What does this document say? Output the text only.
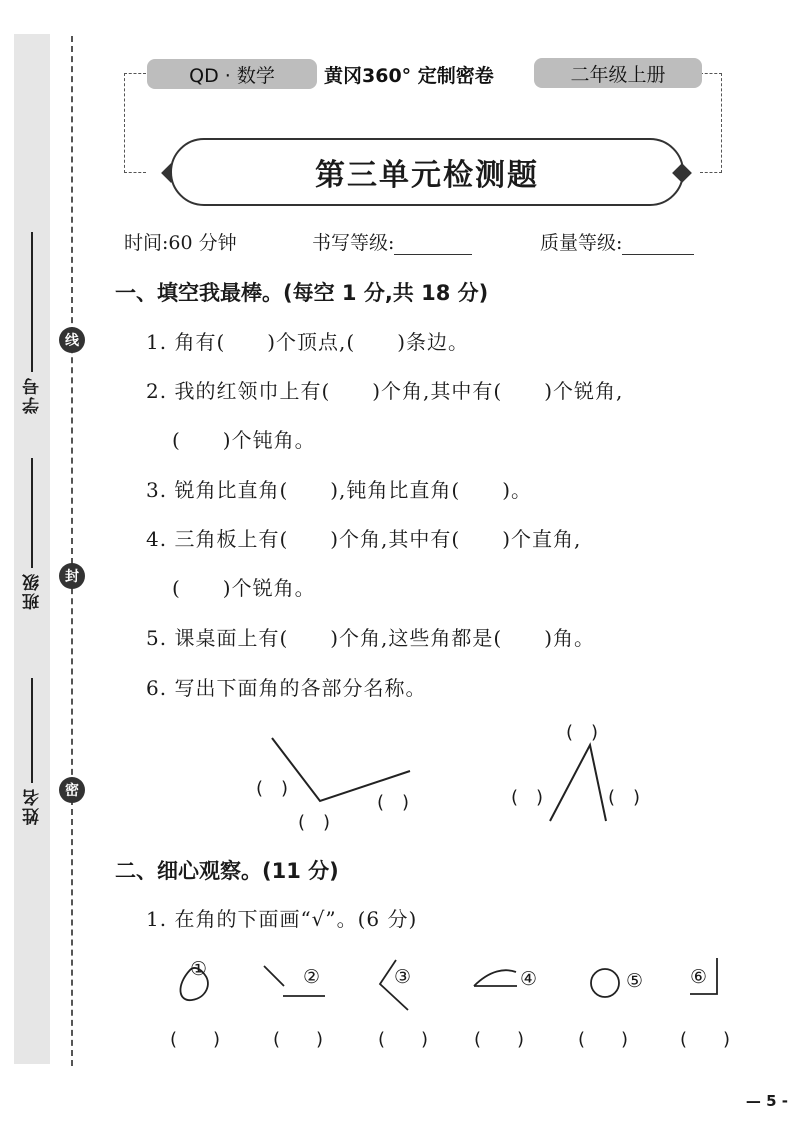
学号
班级
姓名
线
封
密
QD · 数学	黄冈360° 定制密卷	二年级上册
第三单元检测题
时间:60 分钟	书写等级:	质量等级:
一、填空我最棒。(每空 1 分,共 18 分)
1. 角有(　　)个顶点,(　　)条边。
2. 我的红领巾上有(　　)个角,其中有(　　)个锐角,
(　　)个钝角。
3. 锐角比直角(　　),钝角比直角(　　)。
4. 三角板上有(　　)个角,其中有(　　)个直角,
(　　)个锐角。
5. 课桌面上有(　　)个角,这些角都是(　　)角。
6. 写出下面角的各部分名称。
(　)
(　)
(　)
(　)
(　)	(　)
二、细心观察。(11 分)
1. 在角的下面画“√”。(6 分)
①	②	③	④	⑤ ⑥
(　　)	(　　)	(　　)	(　　)	(　　)	(　　)
— 5 -
